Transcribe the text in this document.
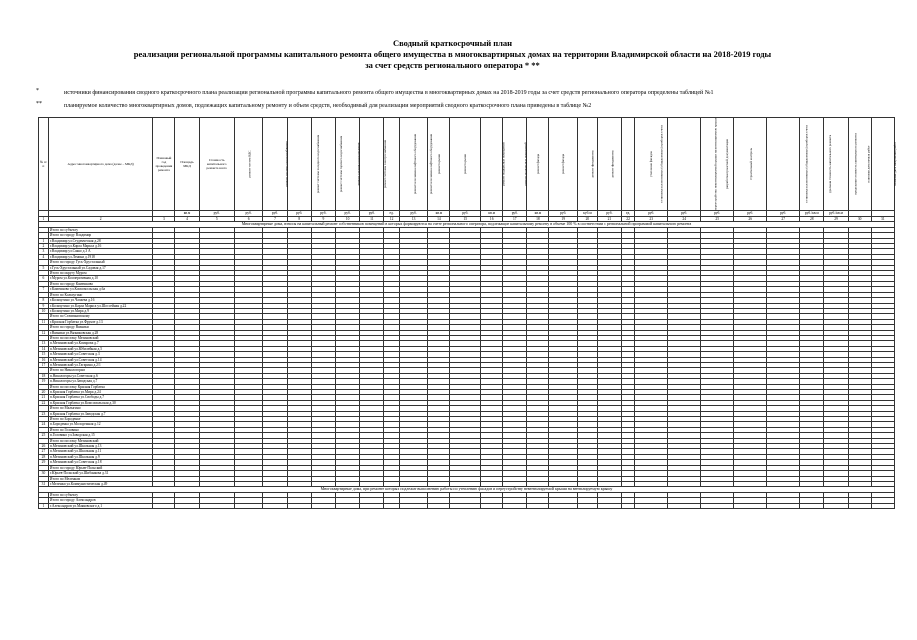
Сводный краткосрочный план
реализации региональной программы капитального ремонта общего имущества в многоквартирных домах на территории Владимирской области на 2018-2019 годы
за счет средств регионального оператора * **
*	источники финансирования сводного краткосрочного плана реализации региональной программы капитального ремонта общего имущества в многоквартирных домах на 2018-2019 годы за счет средств регионального оператора определены таблицей №1
**	планируемое количество многоквартирных домов, подлежащих капитальному ремонту и объем средств, необходимый для реализации мероприятий сводного краткосрочного плана приведены в таблице №2
№ п/п	Адрес многоквартирного дома (далее – МКД)	Плановый год проведения ремонта	Площадь МКД	Стоимость капитального ремонта всего	ремонт систем ВДС	ремонт системы теплоснабжения	ремонт системы холодного водоснабжения	ремонт системы горячего водоснабжения	ремонт системы водоотведения	ремонт системы электроснабжения	ремонт или замена лифтового оборудования	ремонт или замена лифтового оборудования	ремонт крыши	ремонт крыши	ремонт подвальных помещений	ремонт подвальных помещений	ремонт фасада	ремонт фасада	ремонт фундамента	ремонт фундамента	установка коллективных (общедомовых) приборов учета	утепление фасадов	переустройство невентилируемой крыши на вентилируемую крышу	разработка проектной документации	строительный контроль	установка коллективных (общедомовых) приборов учета	удельная стоимость капитального ремонта	предельная стоимость капитального ремонта	плановая дата начала работ	плановая дата завершения работ
			кв.м	руб.	руб.	руб.	руб.	руб.	руб.	руб.	ед.	руб.	кв.м	руб.	кв.м	руб.	кв.м	руб.	куб.м	руб.	ед.	руб.	руб.	руб.	руб.	руб.	руб./кв.м	руб./кв.м		
1	2	3	4	5	6	7	8	9	10	11	12	13	14	15	16	17	18	19	20	21	22	23	24	25	26	27	28	29	30	31
Многоквартирные дома, взносы на капитальный ремонт собственников помещений в которых формируются на счете регионального оператора, подлежащие капитальному ремонту в объеме 100 % в соответствии с региональной программой капитального ремонта																														
	Итого по субъекту																													
	Итого по городу Владимир																													
1	г.Владимир ул.Студенческая д.28																													
2	г.Владимир ул.Карла Маркса д.16																													
3	г.Владимир ул.Сакко д.3 А																													
4	г.Владимир ул.Ленина д.1918																													
	Итого по городу Гусь-Хрустальный																													
5	г.Гусь-Хрустальный ул.Садовая д.17																													
	Итого по округу Муром																													
6	г.Муром ул.Кооперативная д.10																													
	Итого по городу Камешково																													
7	г.Камешково ул.Комсомольская д.6а																													
	Итого по Кольчугино																													
8	г.Кольчугино ул.Чапаева д.16																													
9	г.Кольчугино ул.Карла Маркса ул.Шоссейная д.22																													
10	г.Кольчугино ул.Мира д.9																													
	Итого по Селивановскому																													
11	г.Красная Горбатка ул.Фрунзе д.13																													
	Итого по городу Вязники																													
12	г.Вязники ул.Вязниковская д.28																													
	Итого по поселку Мезиновский																													
13	п.Мезиновский ул.Комарова д.7																													
14	п.Мезиновский ул.Юбилейная д.5																													
15	п.Мезиновский ул.Советская д.3																													
16	п.Мезиновский ул.Советская д.14																													
17	п.Мезиновский ул.Гагарина д.2/1																													
	Итого по Никологорам																													
18	п.Никологоры ул.Советская д.6																													
19	п.Никологоры ул.Заводская д.7																													
	Итого по поселку Красная Горбатка																													
20	п.Красная Горбатка ул.Мира д.24																													
21	п.Красная Горбатка ул.Свободы д.7																													
22	п.Красная Горбатка ул.Комсомольская д.30																													
	Итого по Малыгино																													
23	п.Красная Горбатка ул.Заводская д.7																													
	Итого по Бороденке																													
24	п.Бороденка ул.Молодежная д.12																													
	Итого по Головино																													
25	п.Головино ул.Заводская д.15																													
	Итого по поселку Мезиновский																													
26	п.Мезиновский ул.Школьная д.13																													
27	п.Мезиновский ул.Школьная д.11																													
28	п.Мезиновский ул.Школьная д.9																													
29	п.Мезиновский ул.Советская д.18																													
	Итого по городу Юрьев-Польский																													
30	г.Юрьев-Польский ул.Шибанкова д.31																													
	Итого по Меленкам																													
31	г.Меленки ул.Коммунистическая д.49																													
Многоквартирные дома, при ремонте которых подлежат выполнению работы по утеплению фасадов и переустройству невентилируемой крыши на вентилируемую крышу																														
	Итого по субъекту																													
	Итого по городу Александров																													
1	г.Александров ул.Маяковского д.1																													
